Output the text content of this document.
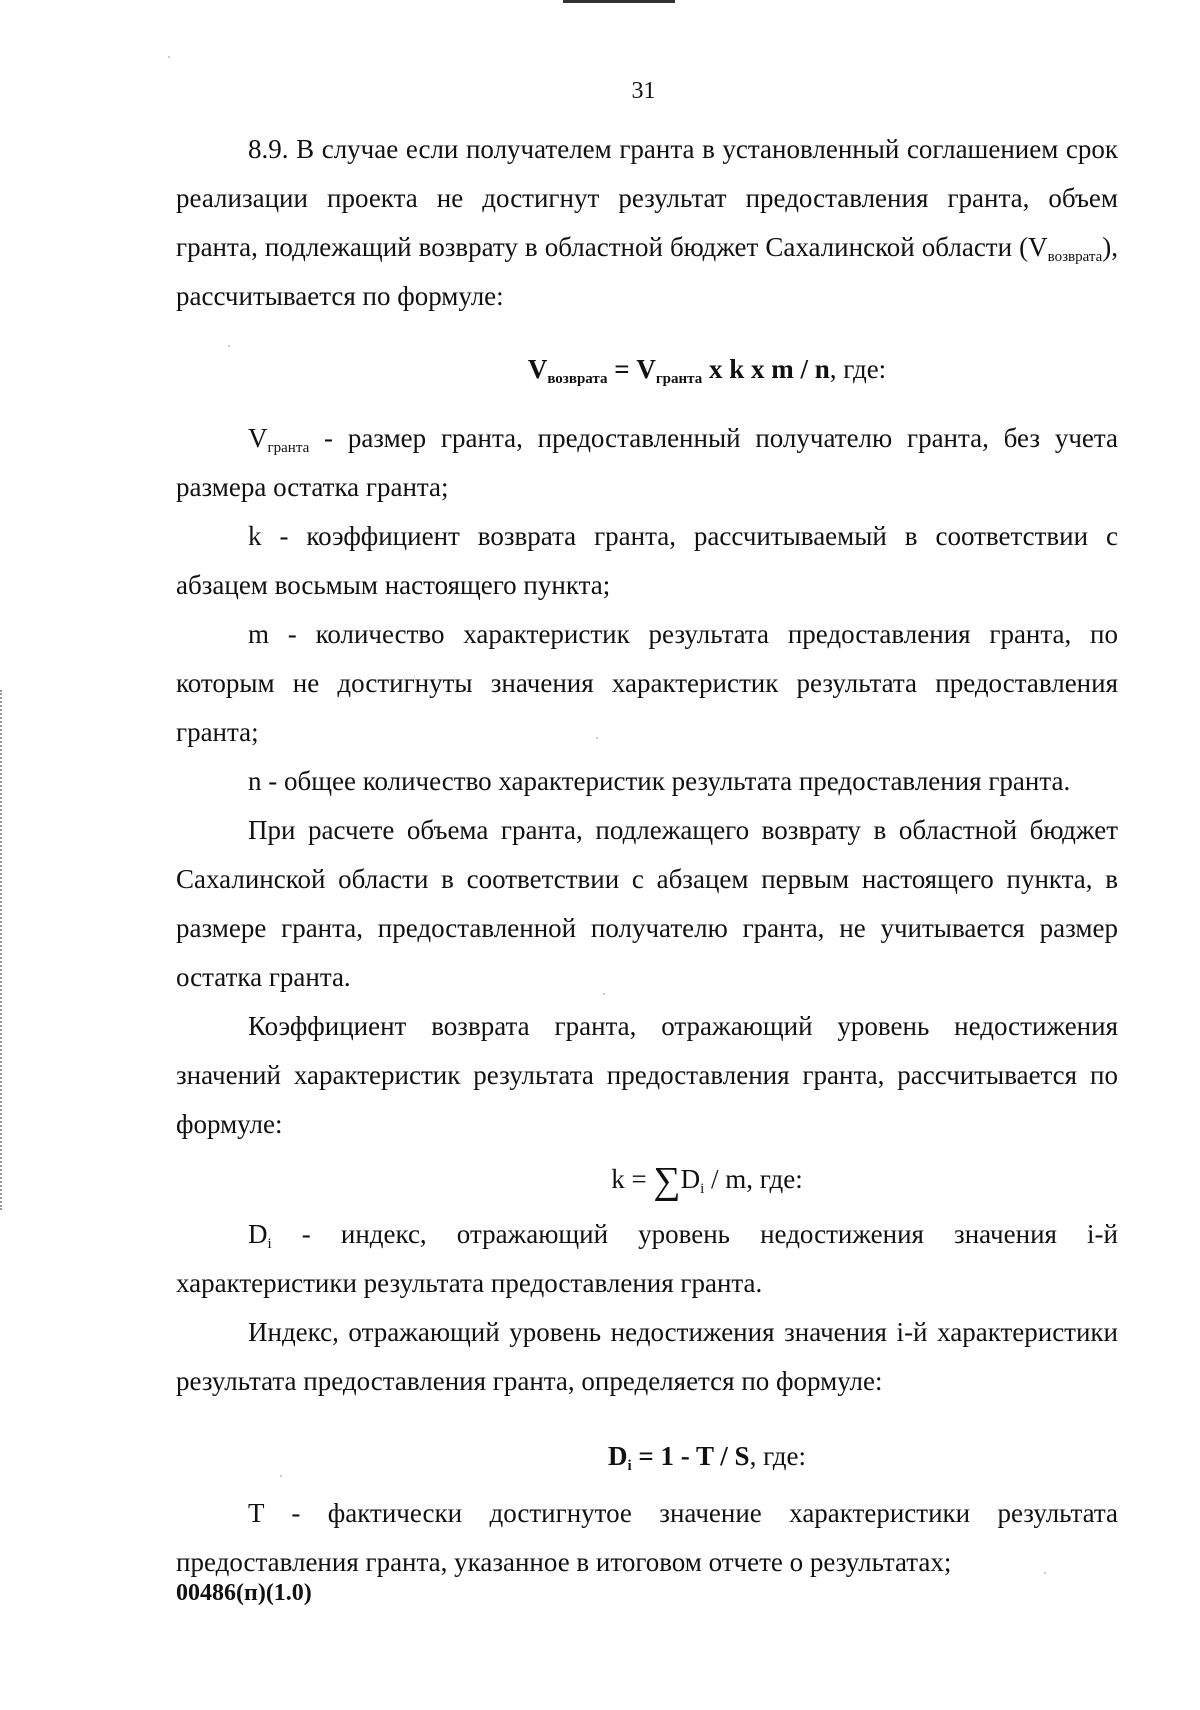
31

8.9. В случае если получателем гранта в установленный соглашением срок реализации проекта не достигнут результат предоставления гранта, объем гранта, подлежащий возврату в областной бюджет Сахалинской области $(V_{возврата})$, рассчитывается по формуле:

$V_{возврата} = V_{гранта}$ x k x m / n, где:

$V_{гранта}$ - размер гранта, предоставленный получателю гранта, без учета размера остатка гранта;

k - коэффициент возврата гранта, рассчитываемый в соответствии с абзацем восьмым настоящего пункта;

m - количество характеристик результата предоставления гранта, по которым не достигнуты значения характеристик результата предоставления гранта;

n - общее количество характеристик результата предоставления гранта.

При расчете объема гранта, подлежащего возврату в областной бюджет Сахалинской области в соответствии с абзацем первым настоящего пункта, в размере гранта, предоставленной получателю гранта, не учитывается размер остатка гранта.

Коэффициент возврата гранта, отражающий уровень недостижения значений характеристик результата предоставления гранта, рассчитывается по формуле:

$k = \sum D_i / m$, где:

$D_i$ - индекс, отражающий уровень недостижения значения i-й характеристики результата предоставления гранта.

Индекс, отражающий уровень недостижения значения i-й характеристики результата предоставления гранта, определяется по формуле:

$D_i = 1 - T / S$, где:

T - фактически достигнутое значение характеристики результата предоставления гранта, указанное в итоговом отчете о результатах;

00486(п)(1.0)
